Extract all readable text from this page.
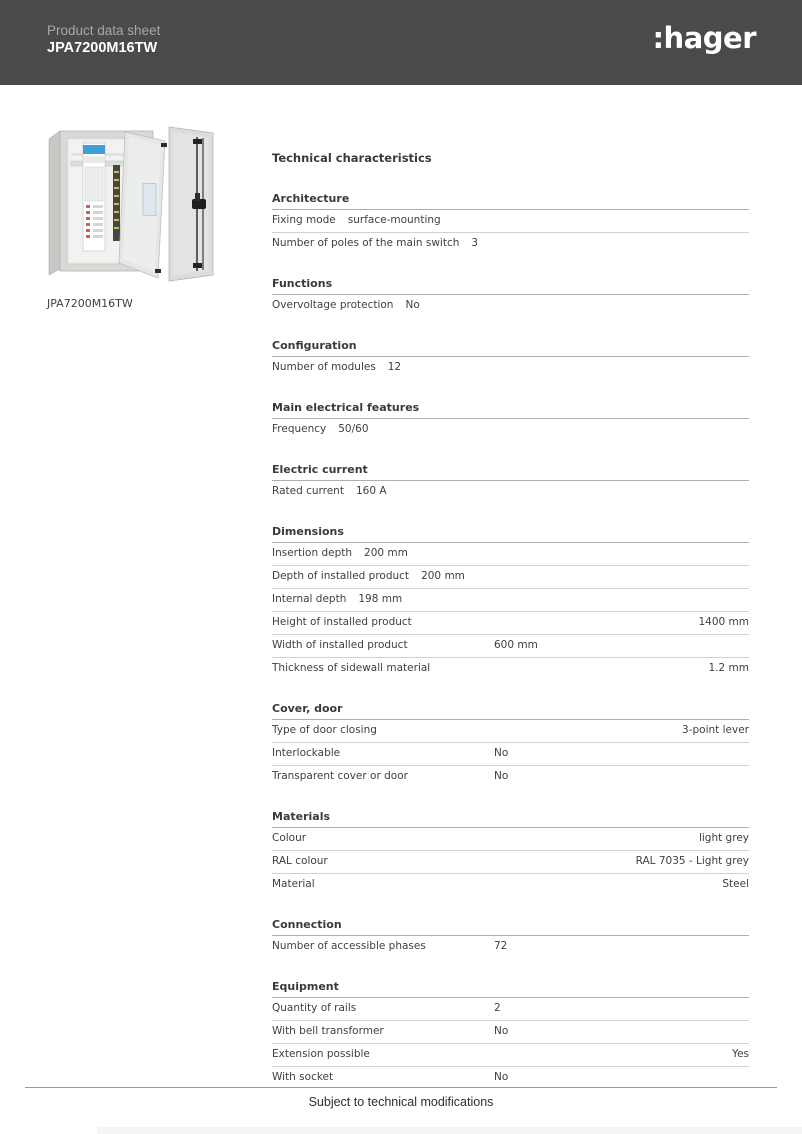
Product data sheet
JPA7200M16TW	:hager
JPA7200M16TW
Technical characteristics
Architecture
Fixing mode surface-mounting
Number of poles of the main switch 3
Functions
Overvoltage protection No
Configuration
Number of modules 12
Main electrical features
Frequency 50/60
Electric current
Rated current 160 A
Dimensions
Insertion depth 200 mm
Depth of installed product 200 mm
Internal depth 198 mm
Height of installed product	1400 mm
Width of installed product	600 mm
Thickness of sidewall material	1.2 mm
Cover, door
Type of door closing	3-point lever
Interlockable	No
Transparent cover or door	No
Materials
Colour	light grey
RAL colour	RAL 7035 - Light grey
Material	Steel
Connection
Number of accessible phases	72
Equipment
Quantity of rails	2
With bell transformer	No
Extension possible	Yes
With socket	No
Subject to technical modifications
